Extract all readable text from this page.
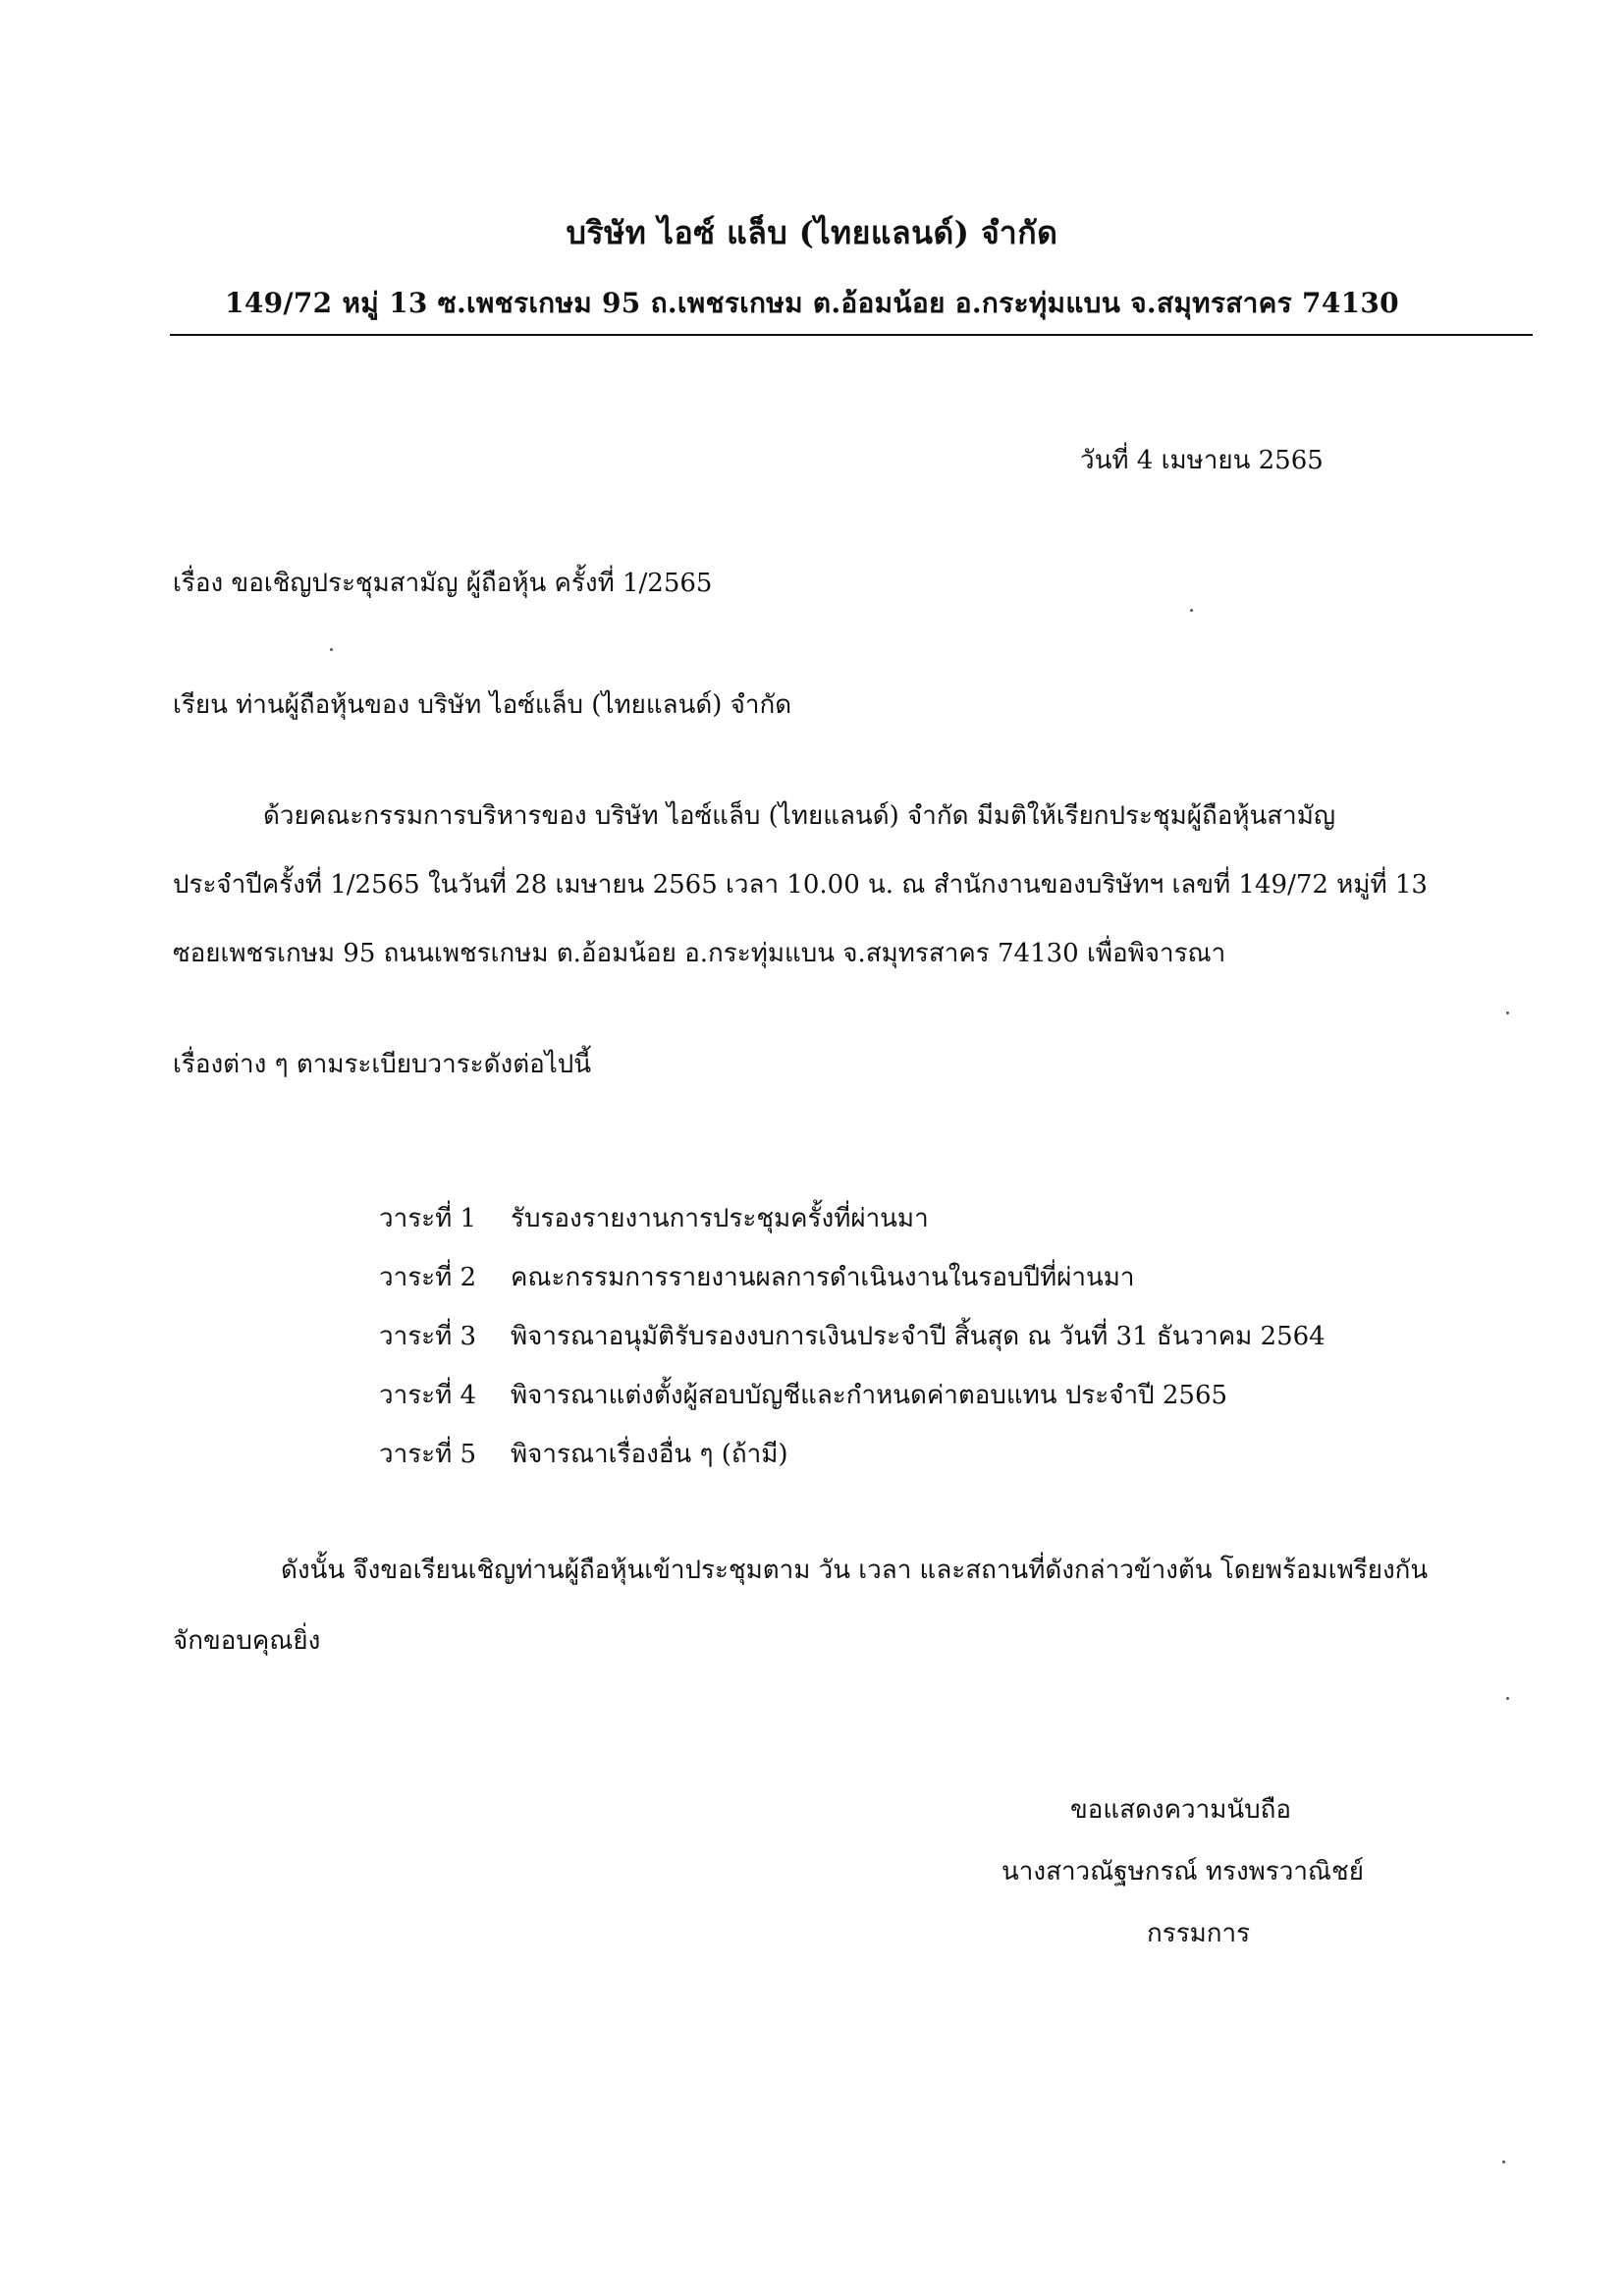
บริษัท ไอซ์ แล็บ (ไทยแลนด์) จำกัด
149/72 หมู่ 13 ซ.เพชรเกษม 95 ถ.เพชรเกษม ต.อ้อมน้อย อ.กระทุ่มแบน จ.สมุทรสาคร 74130
วันที่ 4 เมษายน 2565
เรื่อง ขอเชิญประชุมสามัญ ผู้ถือหุ้น ครั้งที่ 1/2565
เรียน ท่านผู้ถือหุ้นของ บริษัท ไอซ์แล็บ (ไทยแลนด์) จำกัด
ด้วยคณะกรรมการบริหารของ บริษัท ไอซ์แล็บ (ไทยแลนด์) จำกัด มีมติให้เรียกประชุมผู้ถือหุ้นสามัญ
ประจำปีครั้งที่ 1/2565 ในวันที่ 28 เมษายน 2565 เวลา 10.00 น. ณ สำนักงานของบริษัทฯ เลขที่ 149/72 หมู่ที่ 13
ซอยเพชรเกษม 95 ถนนเพชรเกษม ต.อ้อมน้อย อ.กระทุ่มแบน จ.สมุทรสาคร 74130 เพื่อพิจารณา
เรื่องต่าง ๆ ตามระเบียบวาระดังต่อไปนี้
วาระที่ 1 รับรองรายงานการประชุมครั้งที่ผ่านมา
วาระที่ 2 คณะกรรมการรายงานผลการดำเนินงานในรอบปีที่ผ่านมา
วาระที่ 3 พิจารณาอนุมัติรับรองงบการเงินประจำปี สิ้นสุด ณ วันที่ 31 ธันวาคม 2564
วาระที่ 4 พิจารณาแต่งตั้งผู้สอบบัญชีและกำหนดค่าตอบแทน ประจำปี 2565
วาระที่ 5 พิจารณาเรื่องอื่น ๆ (ถ้ามี)
ดังนั้น จึงขอเรียนเชิญท่านผู้ถือหุ้นเข้าประชุมตาม วัน เวลา และสถานที่ดังกล่าวข้างต้น โดยพร้อมเพรียงกัน
จักขอบคุณยิ่ง
ขอแสดงความนับถือ
นางสาวณัฐษกรณ์ ทรงพรวาณิชย์
กรรมการ
